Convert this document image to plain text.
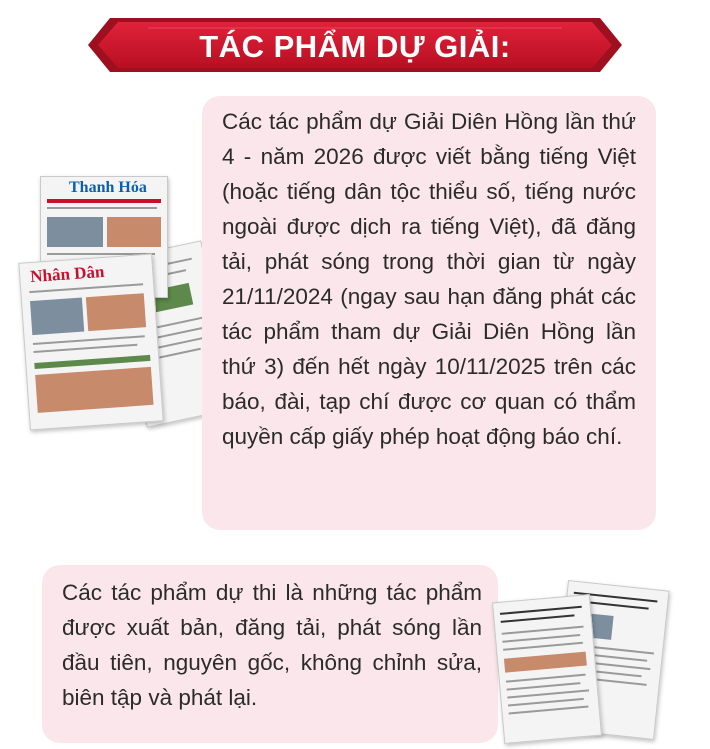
TÁC PHẨM DỰ GIẢI:
Thanh Hóa
Nhân Dân
Các tác phẩm dự Giải Diên Hồng lần thứ 4 - năm 2026 được viết bằng tiếng Việt (hoặc tiếng dân tộc thiểu số, tiếng nước ngoài được dịch ra tiếng Việt), đã đăng tải, phát sóng trong thời gian từ ngày 21/11/2024 (ngay sau hạn đăng phát các tác phẩm tham dự Giải Diên Hồng lần thứ 3) đến hết ngày 10/11/2025 trên các báo, đài, tạp chí được cơ quan có thẩm quyền cấp giấy phép hoạt động báo chí.
Các tác phẩm dự thi là những tác phẩm được xuất bản, đăng tải, phát sóng lần đầu tiên, nguyên gốc, không chỉnh sửa, biên tập và phát lại.
